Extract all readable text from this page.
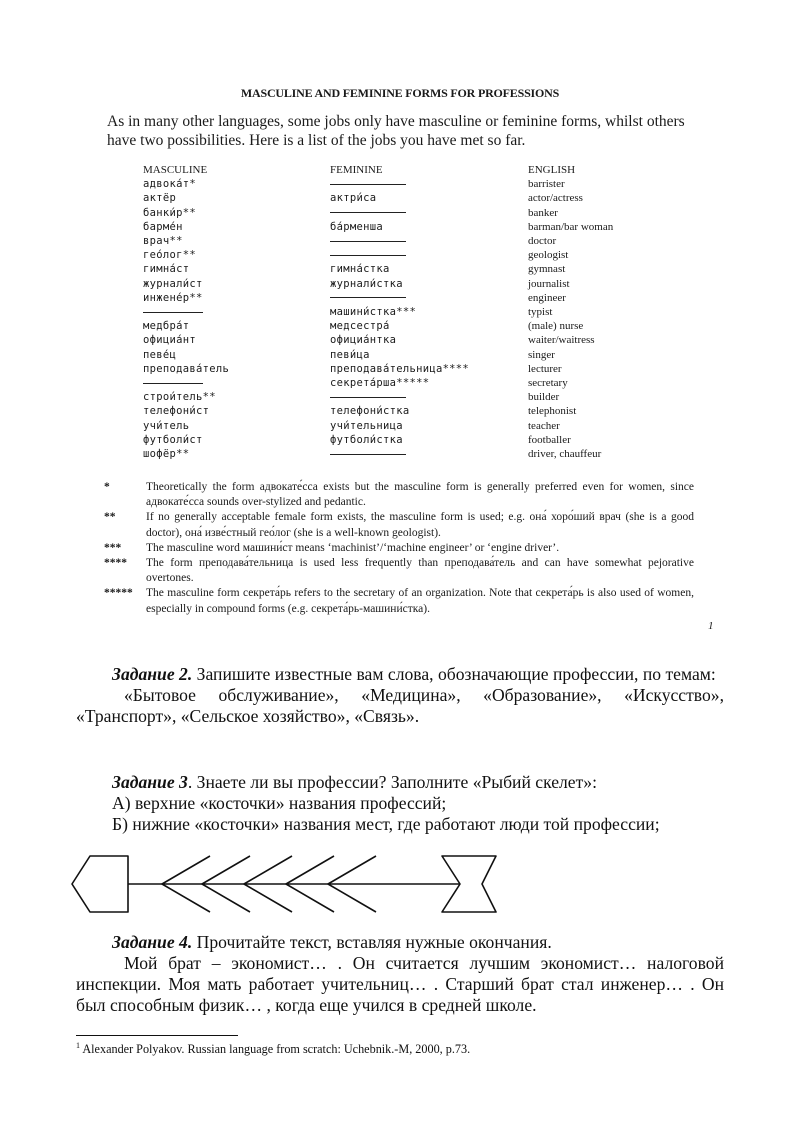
MASCULINE AND FEMININE FORMS FOR PROFESSIONS
As in many other languages, some jobs only have masculine or feminine forms, whilst others have two possibilities. Here is a list of the jobs you have met so far.
MASCULINE	FEMININE	ENGLISH
адвока́т*		barrister
актёр	актри́са	actor/actress
банки́р**		banker
барме́н	ба́рменша	barman/bar woman
врач**		doctor
гео́лог**		geologist
гимна́ст	гимна́стка	gymnast
журнали́ст	журнали́стка	journalist
инжене́р**		engineer
	машини́стка***	typist
медбра́т	медсестра́	(male) nurse
официа́нт	официа́нтка	waiter/waitress
певе́ц	певи́ца	singer
преподава́тель	преподава́тельница****	lecturer
	секрета́рша*****	secretary
строи́тель**		builder
телефони́ст	телефони́стка	telephonist
учи́тель	учи́тельница	teacher
футболи́ст	футболи́стка	footballer
шофёр**		driver, chauffeur
*	Theoretically the form адвокате́сса exists but the masculine form is generally preferred even for women, since адвокате́сса sounds over-stylized and pedantic.
**	If no generally acceptable female form exists, the masculine form is used; e.g. она́ хоро́ший врач (she is a good doctor), она́ изве́стный гео́лог (she is a well-known geologist).
***	The masculine word машини́ст means ‘machinist’/‘machine engineer’ or ‘engine driver’.
****	The form преподава́тельница is used less frequently than преподава́тель and can have somewhat pejorative overtones.
*****	The masculine form секрета́рь refers to the secretary of an organization. Note that секрета́рь is also used of women, especially in compound forms (e.g. секрета́рь-машини́стка).
1

Задание 2. Запишите известные вам слова, обозначающие профессии, по темам:

«Бытовое обслуживание», «Медицина», «Образование», «Искусство», «Транспорт», «Сельское хозяйство», «Связь».

Задание 3. Знаете ли вы профессии? Заполните «Рыбий скелет»:

А) верхние «косточки» названия профессий;

Б) нижние «косточки» названия мест, где работают люди той профессии;

Задание 4. Прочитайте текст, вставляя нужные окончания.

Мой брат – экономист… . Он считается лучшим экономист… налоговой инспекции. Моя мать работает учительниц… . Старший брат стал инженер… . Он был способным физик… , когда еще учился в средней школе.

$^1$ Alexander Polyakov. Russian language from scratch: Uchebnik.-M, 2000, p.73.
